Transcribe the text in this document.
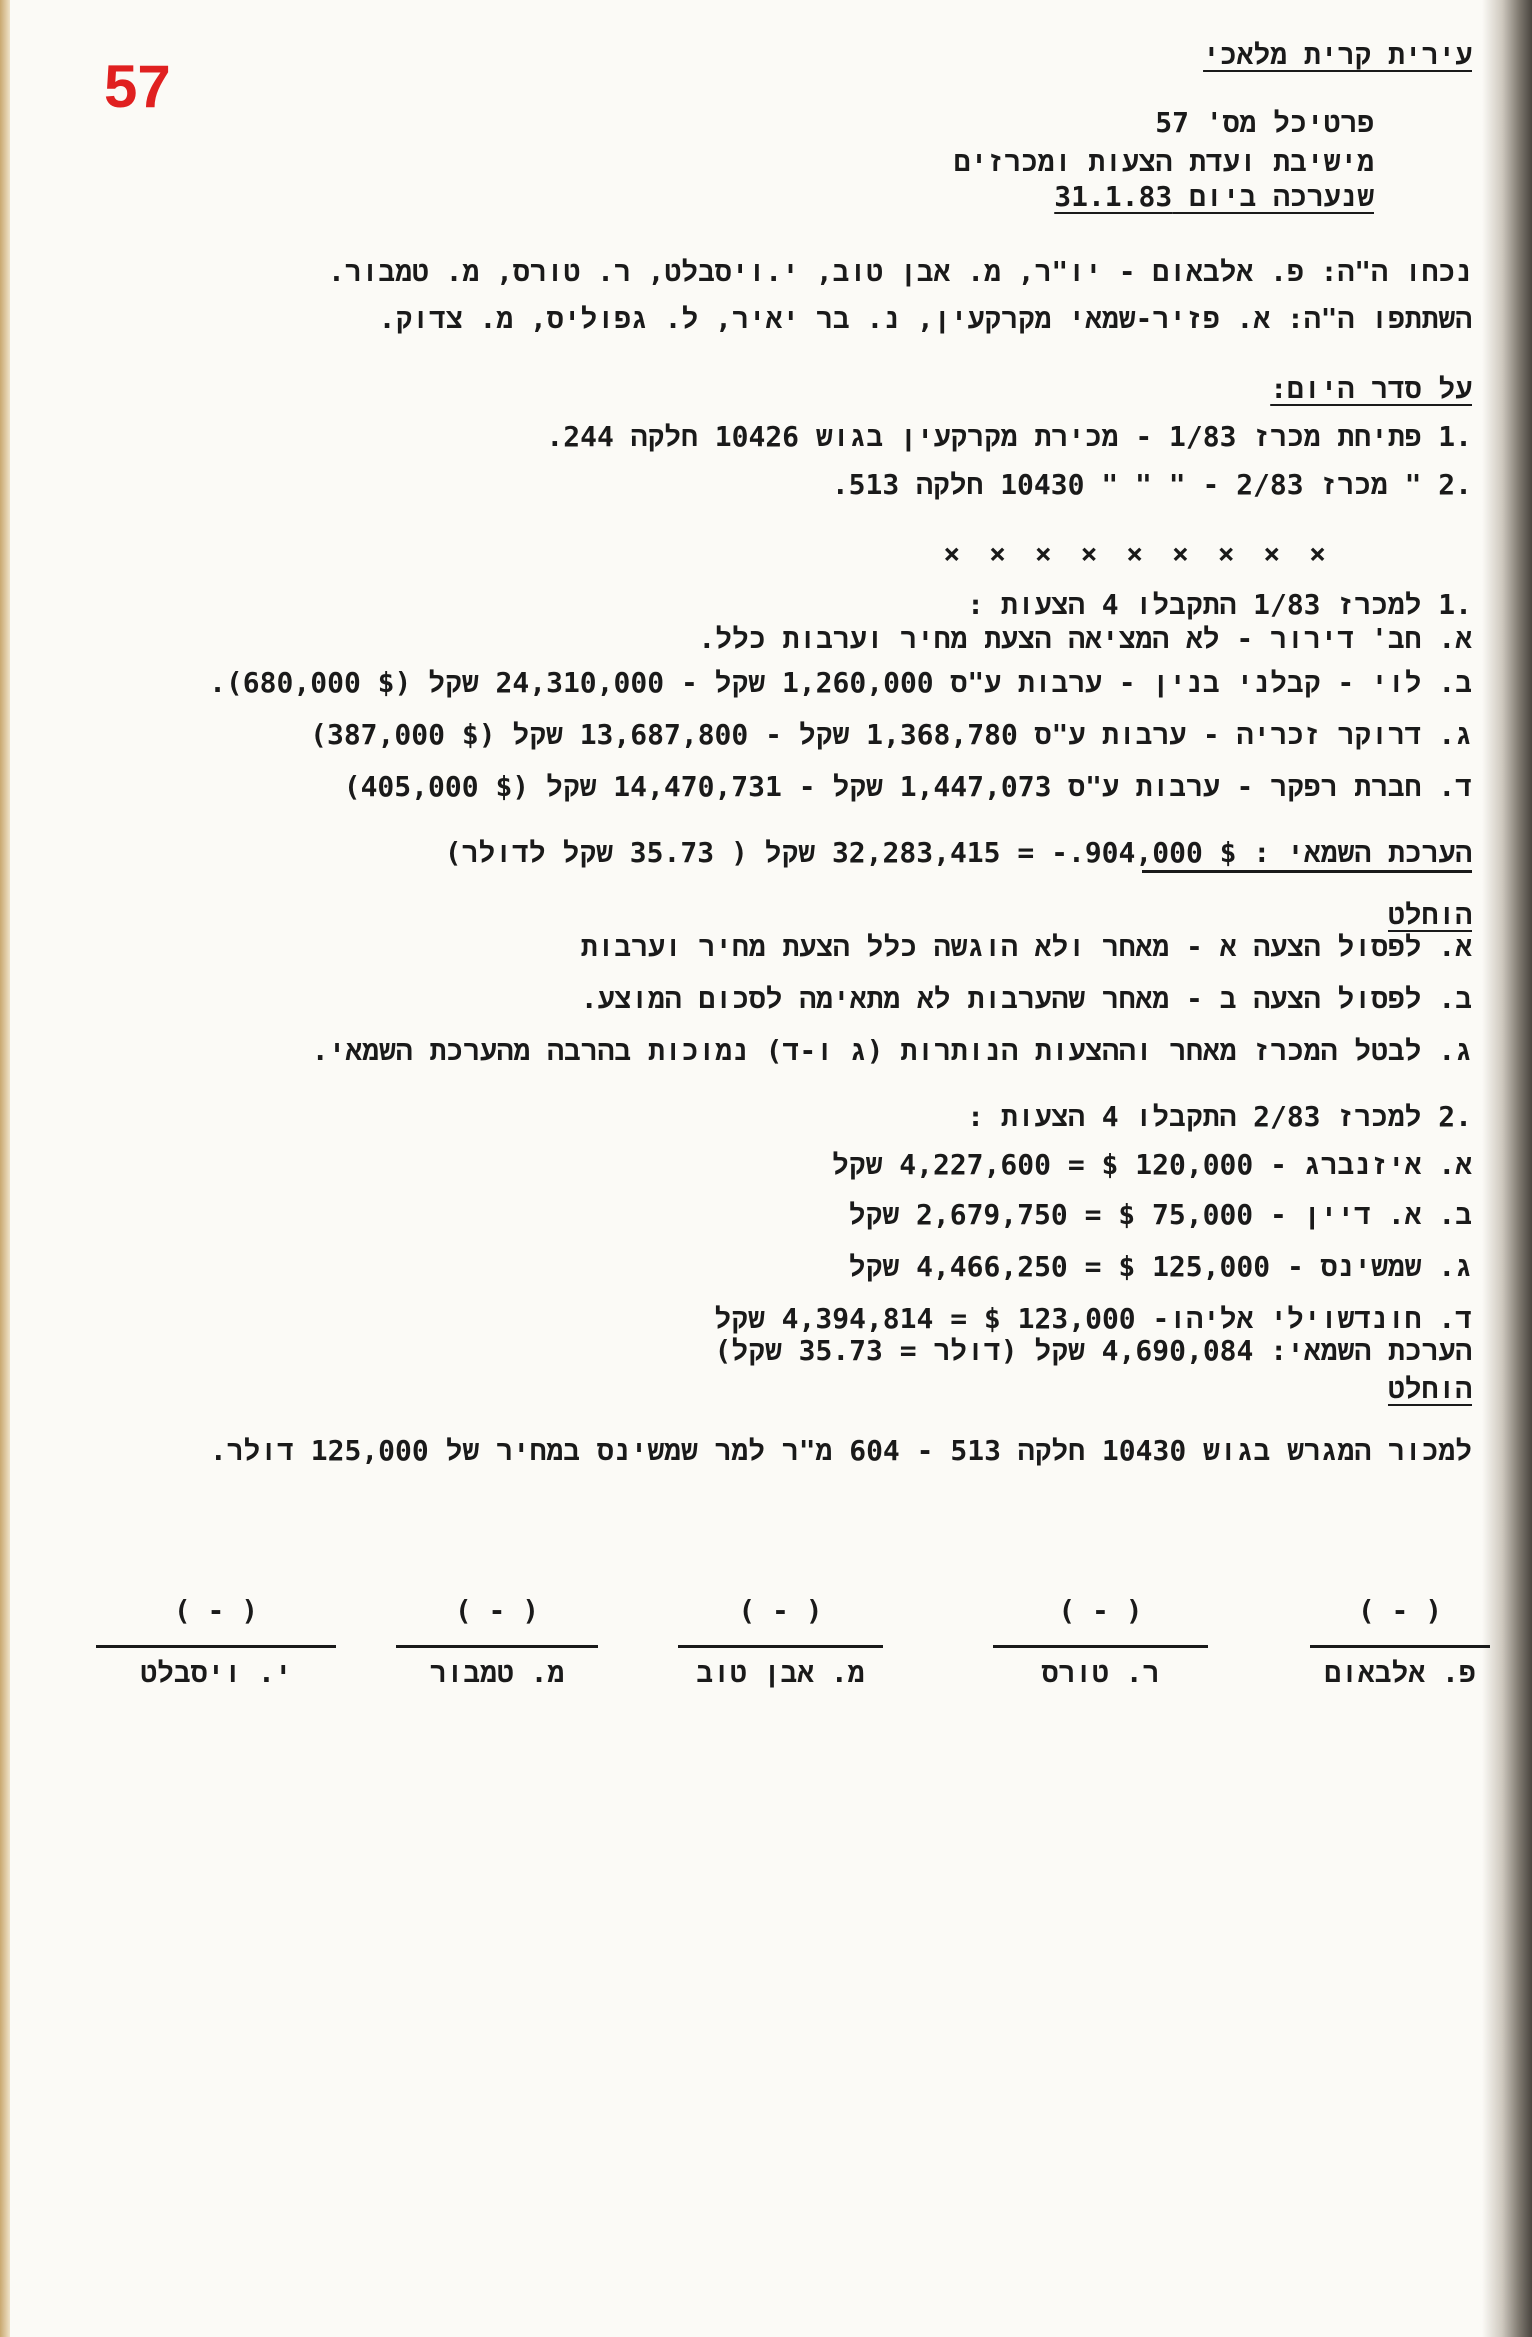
57	עירית קרית מלאכי
פרטיכל מס' 57
מישיבת ועדת הצעות ומכרזים
שנערכה ביום 31.1.83
נכחו ה"ה: פ. אלבאום - יו"ר, מ. אבן טוב, י.ויסבלט, ר. טורס, מ. טמבור.
השתתפו ה"ה: א. פזיר-שמאי מקרקעין, נ. בר יאיר, ל. גפוליס, מ. צדוק.
על סדר היום:
.1 פתיחת מכרז 1/83 - מכירת מקרקעין בגוש 10426 חלקה 244.
.2 " מכרז 2/83 - " " " 10430 חלקה 513.
× × × × × × × × ×
.1 למכרז 1/83 התקבלו 4 הצעות :
א. חב' דירור - לא המציאה הצעת מחיר וערבות כלל.
ב. לוי - קבלני בנין - ערבות ע"ס 1,260,000 שקל - 24,310,000 שקל ($ 680,000).
ג. דרוקר זכריה - ערבות ע"ס 1,368,780 שקל - 13,687,800 שקל ($ 387,000)
ד. חברת רפקר - ערבות ע"ס 1,447,073 שקל - 14,470,731 שקל ($ 405,000)
הערכת השמאי : $ 904,000.- = 32,283,415 שקל ( 35.73 שקל לדולר)
הוחלט
א. לפסול הצעה א - מאחר ולא הוגשה כלל הצעת מחיר וערבות
ב. לפסול הצעה ב - מאחר שהערבות לא מתאימה לסכום המוצע.
ג. לבטל המכרז מאחר וההצעות הנותרות (ג ו-ד) נמוכות בהרבה מהערכת השמאי.
.2 למכרז 2/83 התקבלו 4 הצעות :
א. איזנברג - 120,000 $ = 4,227,600 שקל
ב. א. דיין - 75,000 $ = 2,679,750 שקל
ג. שמשינס - 125,000 $ = 4,466,250 שקל
ד. חונדשוילי אליהו- 123,000 $ = 4,394,814 שקל
הערכת השמאי: 4,690,084 שקל (דולר = 35.73 שקל)
הוחלט
למכור המגרש בגוש 10430 חלקה 513 - 604 מ"ר למר שמשינס במחיר של 125,000 דולר.
( - )
פ. אלבאום
( - )
ר. טורס
( - )
מ. אבן טוב
( - )
מ. טמבור
( - )
י. ויסבלט
